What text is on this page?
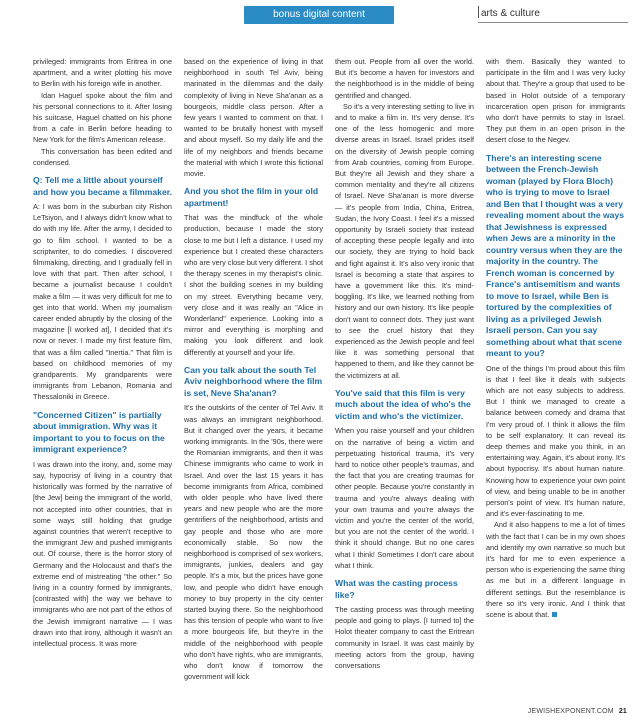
bonus digital content	arts & culture

privileged: immigrants from Eritrea in one apartment, and a writer plotting his move to Berlin with his foreign wife in another.

Idan Haguel spoke about the film and his personal connections to it. After losing his suitcase, Haguel chatted on his phone from a cafe in Berlin before heading to New York for the film's American release.

This conversation has been edited and condensed.

Q: Tell me a little about yourself and how you became a filmmaker.

A: I was born in the suburban city Rishon LeTsiyon, and I always didn't know what to do with my life. After the army, I decided to go to film school. I wanted to be a scriptwriter, to do comedies. I discovered filmmaking, directing, and I gradually fell in love with that part. Then after school, I became a journalist because I couldn't make a film — it was very difficult for me to get into that world. When my journalism career ended abruptly by the closing of the magazine [I worked at], I decided that it's now or never. I made my first feature film, that was a film called "Inertia." That film is based on childhood memories of my grandparents. My grandparents were immigrants from Lebanon, Romania and Thessaloniki in Greece.

"Concerned Citizen" is partially about immigration. Why was it important to you to focus on the immigrant experience?

I was drawn into the irony, and, some may say, hypocrisy of living in a country that historically was formed by the narrative of [the Jew] being the immigrant of the world, not accepted into other countries, that in some ways still holding that grudge against countries that weren't receptive to the immigrant Jew and pushed immigrants out. Of course, there is the horror story of Germany and the Holocaust and that's the extreme end of mistreating "the other." So living in a country formed by immigrants, [contrasted with] the way we behave to immigrants who are not part of the ethos of the Jewish immigrant narrative — I was drawn into that irony, although it wasn't an intellectual process. It was more

based on the experience of living in that neighborhood in south Tel Aviv, being marinated in the dilemmas and the daily complexity of living in Neve Sha'anan as a bourgeois, middle class person. After a few years I wanted to comment on that. I wanted to be brutally honest with myself and about myself. So my daily life and the life of my neighbors and friends became the material with which I wrote this fictional movie.

And you shot the film in your old apartment!

That was the mindfuck of the whole production, because I made the story close to me but I left a distance. I used my experience but I created these characters who are very close but very different. I shot the therapy scenes in my therapist's clinic. I shot the building scenes in my building on my street. Everything became very, very close and it was really an "Alice in Wonderland" experience. Looking into a mirror and everything is morphing and making you look different and look differently at yourself and your life.

Can you talk about the south Tel Aviv neighborhood where the film is set, Neve Sha'anan?

It's the outskirts of the center of Tel Aviv. It was always an immigrant neighborhood. But it changed over the years, it became working immigrants. In the '90s, there were the Romanian immigrants, and then it was Chinese immigrants who came to work in Israel. And over the last 15 years it has become immigrants from Africa, combined with older people who have lived there years and new people who are the more gentrifiers of the neighborhood, artists and gay people and those who are more economically stable. So now the neighborhood is comprised of sex workers, immigrants, junkies, dealers and gay people. It's a mix, but the prices have gone low, and people who didn't have enough money to buy property in the city center started buying there. So the neighborhood has this tension of people who want to live a more bourgeois life, but they're in the middle of the neighborhood with people who don't have rights, who are immigrants, who don't know if tomorrow the government will kick

them out. People from all over the world. But it's become a haven for investors and the neighborhood is in the middle of being gentrified and changed.

So it's a very interesting setting to live in and to make a film in. It's very dense. It's one of the less homogenic and more diverse areas in Israel. Israel prides itself on the diversity of Jewish people coming from Arab countries, coming from Europe. But they're all Jewish and they share a common mentality and they're all citizens of Israel. Neve Sha'anan is more diverse — it's people from India, China, Eritrea, Sudan, the Ivory Coast. I feel it's a missed opportunity by Israeli society that instead of accepting these people legally and into our society, they are trying to hold back and fight against it. It's also very ironic that Israel is becoming a state that aspires to have a government like this. It's mind-boggling. It's like, we learned nothing from history and our own history. It's like people don't want to connect dots. They just want to see the cruel history that they experienced as the Jewish people and feel like it was something personal that happened to them, and like they cannot be the victimizers at all.

You've said that this film is very much about the idea of who's the victim and who's the victimizer.

When you raise yourself and your children on the narrative of being a victim and perpetuating historical trauma, it's very hard to notice other people's traumas, and the fact that you are creating traumas for other people. Because you're constantly in trauma and you're always dealing with your own trauma and you're always the victim and you're the center of the world, but you are not the center of the world. I think it should change. But no one cares what I think! Sometimes I don't care about what I think.

What was the casting process like?

The casting process was through meeting people and going to plays. [I turned to] the Holot theater company to cast the Eritrean community in Israel. It was cast mainly by meeting actors from the group, having conversations

with them. Basically they wanted to participate in the film and I was very lucky about that. They're a group that used to be based in Holot outside of a temporary incarceration open prison for immigrants who don't have permits to stay in Israel. They put them in an open prison in the desert close to the Negev.

There's an interesting scene between the French-Jewish woman (played by Flora Bloch) who is trying to move to Israel and Ben that I thought was a very revealing moment about the ways that Jewishness is expressed when Jews are a minority in the country versus when they are the majority in the country. The French woman is concerned by France's antisemitism and wants to move to Israel, while Ben is tortured by the complexities of living as a privileged Jewish Israeli person. Can you say something about what that scene meant to you?

One of the things I'm proud about this film is that I feel like it deals with subjects which are not easy subjects to address. But I think we managed to create a balance between comedy and drama that I'm very proud of. I think it allows the film to be self explanatory. It can reveal its deep themes and make you think, in an entertaining way. Again, it's about irony. It's about hypocrisy. It's about human nature. Knowing how to experience your own point of view, and being unable to be in another person's point of view. It's human nature, and it's ever-fascinating to me.

And it also happens to me a lot of times with the fact that I can be in my own shoes and identify my own narrative so much but it's hard for me to even experience a person who is experiencing the same thing as me but in a different language in different settings. But the resemblance is there so it's very ironic. And I think that scene is about that.

JEWISHEXPONENT.COM 21
